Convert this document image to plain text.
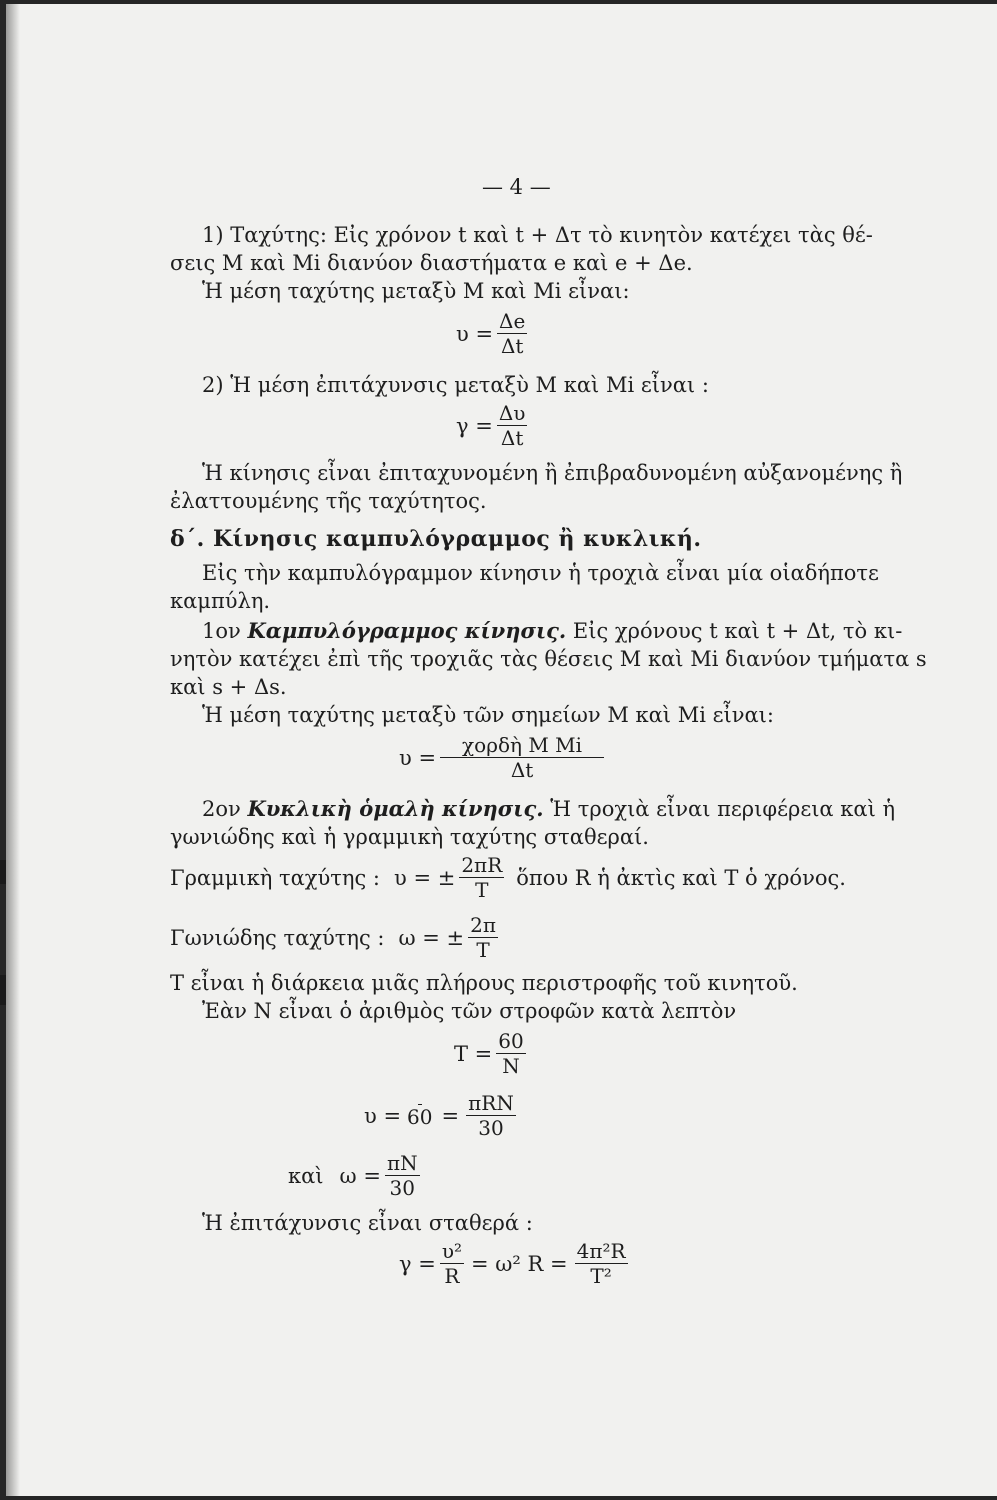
— 4 —
1) Ταχύτης: Εἰς χρόνον t καὶ t + Δτ τὸ κινητὸν κατέχει τὰς θέ-
σεις M καὶ Mi διανύον διαστήματα e καὶ e + Δe.
Ἡ μέση ταχύτης μεταξὺ M καὶ Mi εἶναι:
$\upsilon = \frac{\Delta e}{\Delta t}$
2) Ἡ μέση ἐπιτάχυνσις μεταξὺ M καὶ Mi εἶναι :
$\gamma = \frac{\Delta\upsilon}{\Delta t}$
Ἡ κίνησις εἶναι ἐπιταχυνομένη ἢ ἐπιβραδυνομένη αὐξανομένης ἢ
ἐλαττουμένης τῆς ταχύτητος.
δ΄. Κίνησις καμπυλόγραμμος ἢ κυκλική.
Εἰς τὴν καμπυλόγραμμον κίνησιν ἡ τροχιὰ εἶναι μία οἱαδήποτε
καμπύλη.
1ον Καμπυλόγραμμος κίνησις. Εἰς χρόνους t καὶ t + Δt, τὸ κι-
νητὸν κατέχει ἐπὶ τῆς τροχιᾶς τὰς θέσεις M καὶ Mi διανύον τμήματα s
καὶ s + Δs.
Ἡ μέση ταχύτης μεταξὺ τῶν σημείων M καὶ Mi εἶναι:
$\upsilon = \frac{\text{χορδὴ M Mi}}{\Delta t}$
2ον Κυκλικὴ ὁμαλὴ κίνησις. Ἡ τροχιὰ εἶναι περιφέρεια καὶ ἡ
γωνιώδης καὶ ἡ γραμμικὴ ταχύτης σταθεραί.
Γραμμικὴ ταχύτης : υ = ± $\frac{2\pi R}{T}$ ὅπου R ἡ ἀκτὶς καὶ T ὁ χρόνος.
Γωνιώδης ταχύτης : ω = ± $\frac{2\pi}{T}$
T εἶναι ἡ διάρκεια μιᾶς πλήρους περιστροφῆς τοῦ κινητοῦ.
Ἐὰν N εἶναι ὁ ἀριθμὸς τῶν στροφῶν κατὰ λεπτὸν
$T = \frac{60}{N}$
$\upsilon = 60 = \frac{\text{πRN}}{30}$
καὶ $\omega = \frac{\pi N}{30}$
Ἡ ἐπιτάχυνσις εἶναι σταθερά :
$\gamma = \frac{\text{υ²}}{R} = \omega^2$ $R = \frac{\text{4π²R}}{\text{T²}}$
